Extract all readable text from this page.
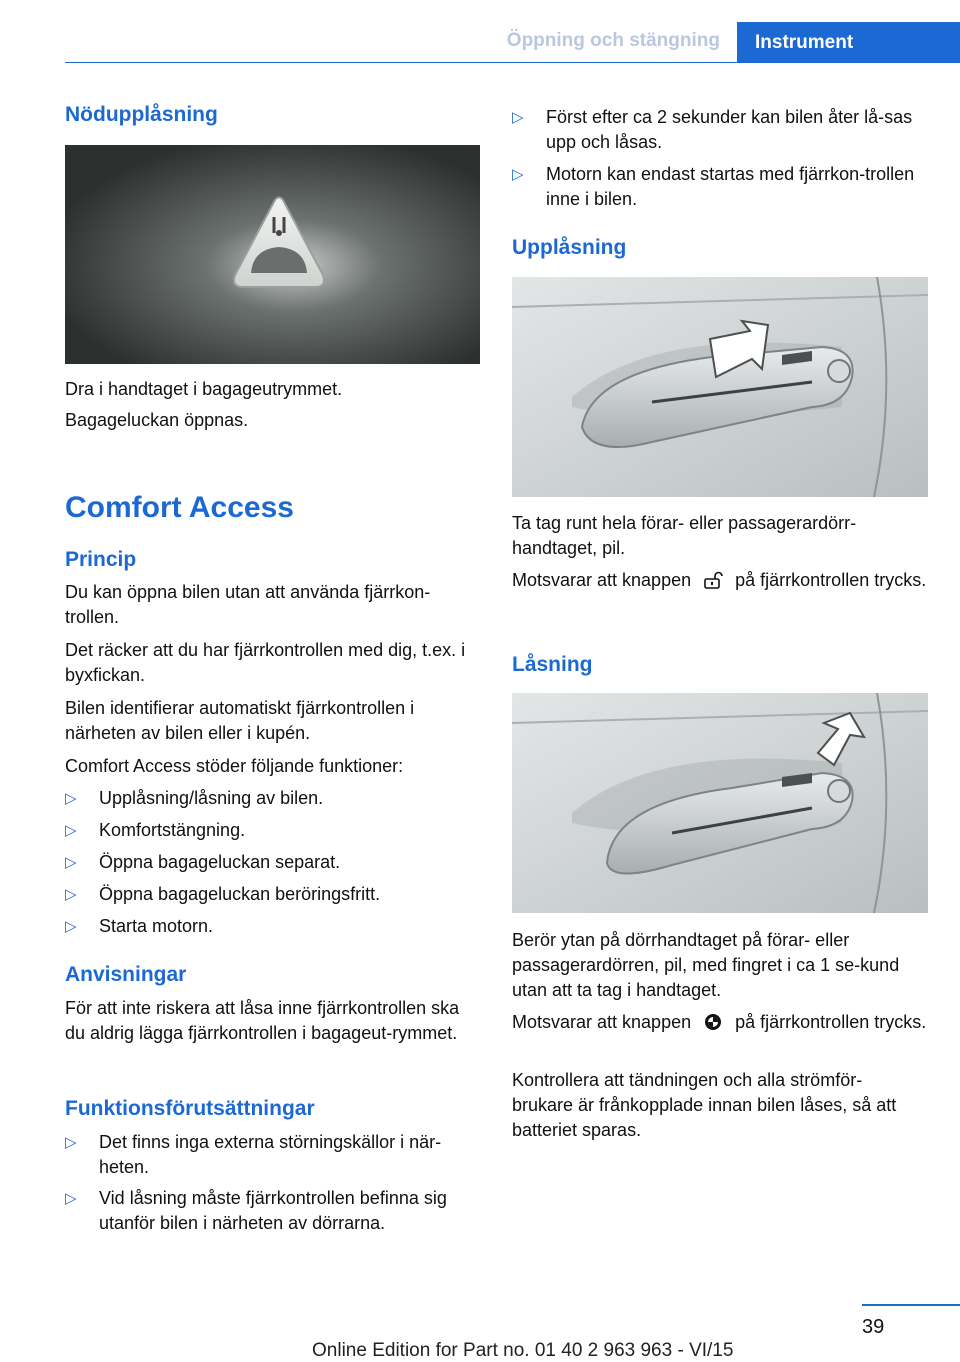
Öppning och stängning	Instrument
Nödupplåsning
Dra i handtaget i bagageutrymmet.
Bagageluckan öppnas.
Comfort Access
Princip
Du kan öppna bilen utan att använda fjärrkon-trollen.
Det räcker att du har fjärrkontrollen med dig, t.ex. i byxfickan.
Bilen identifierar automatiskt fjärrkontrollen i närheten av bilen eller i kupén.
Comfort Access stöder följande funktioner:
▷ Upplåsning/låsning av bilen.
▷ Komfortstängning.
▷ Öppna bagageluckan separat.
▷ Öppna bagageluckan beröringsfritt.
▷ Starta motorn.
Anvisningar
För att inte riskera att låsa inne fjärrkontrollen ska du aldrig lägga fjärrkontrollen i bagageut-rymmet.
Funktionsförutsättningar
▷ Det finns inga externa störningskällor i när-heten.
▷ Vid låsning måste fjärrkontrollen befinna sig utanför bilen i närheten av dörrarna.
▷ Först efter ca 2 sekunder kan bilen åter lå-sas upp och låsas.
▷ Motorn kan endast startas med fjärrkon-trollen inne i bilen.
Upplåsning
Ta tag runt hela förar- eller passagerardörr-handtaget, pil.
Motsvarar att knappen på fjärrkontrollen trycks.
Låsning
Berör ytan på dörrhandtaget på förar- eller passagerardörren, pil, med fingret i ca 1 se-kund utan att ta tag i handtaget.
Motsvarar att knappen på fjärrkontrollen trycks.
Kontrollera att tändningen och alla strömför-brukare är frånkopplade innan bilen låses, så att batteriet sparas.
39
Online Edition for Part no. 01 40 2 963 963 - VI/15
